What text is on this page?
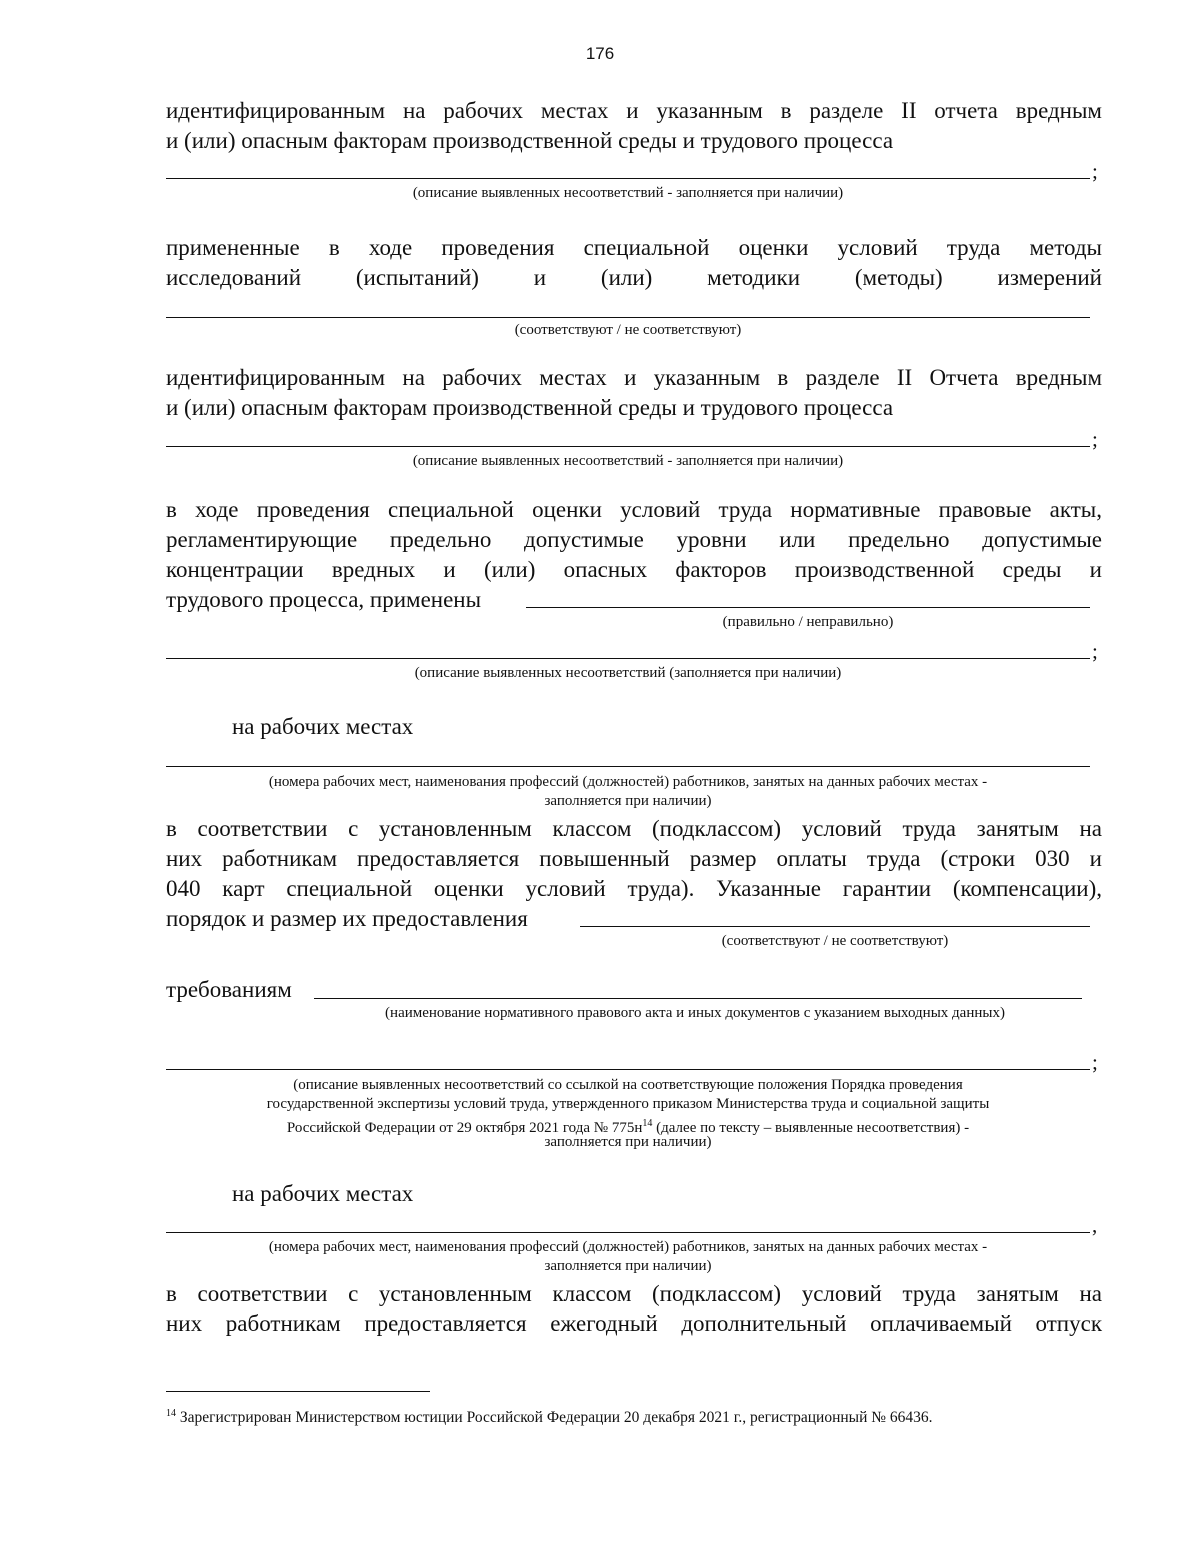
176
идентифицированным на рабочих местах и указанным в разделе II отчета вредным
и (или) опасным факторам производственной среды и трудового процесса
;
(описание выявленных несоответствий - заполняется при наличии)
примененные в ходе проведения специальной оценки условий труда методы
исследований (испытаний) и (или) методики (методы) измерений
(соответствуют / не соответствуют)
идентифицированным на рабочих местах и указанным в разделе II Отчета вредным
и (или) опасным факторам производственной среды и трудового процесса
;
(описание выявленных несоответствий - заполняется при наличии)
в ходе проведения специальной оценки условий труда нормативные правовые акты,
регламентирующие предельно допустимые уровни или предельно допустимые
концентрации вредных и (или) опасных факторов производственной среды и
трудового процесса, применены
(правильно / неправильно)
;
(описание выявленных несоответствий (заполняется при наличии)
на рабочих местах
(номера рабочих мест, наименования профессий (должностей) работников, занятых на данных рабочих местах -
заполняется при наличии)
в соответствии с установленным классом (подклассом) условий труда занятым на
них работникам предоставляется повышенный размер оплаты труда (строки 030 и
040 карт специальной оценки условий труда). Указанные гарантии (компенсации),
порядок и размер их предоставления
(соответствуют / не соответствуют)
требованиям
(наименование нормативного правового акта и иных документов с указанием выходных данных)
;
(описание выявленных несоответствий со ссылкой на соответствующие положения Порядка проведения
государственной экспертизы условий труда, утвержденного приказом Министерства труда и социальной защиты
Российской Федерации от 29 октября 2021 года № $775н^{14}$ (далее по тексту – выявленные несоответствия) -
заполняется при наличии)
на рабочих местах
,
(номера рабочих мест, наименования профессий (должностей) работников, занятых на данных рабочих местах -
заполняется при наличии)
в соответствии с установленным классом (подклассом) условий труда занятым на
них работникам предоставляется ежегодный дополнительный оплачиваемый отпуск
$^{14}$ Зарегистрирован Министерством юстиции Российской Федерации 20 декабря 2021 г., регистрационный № 66436.
